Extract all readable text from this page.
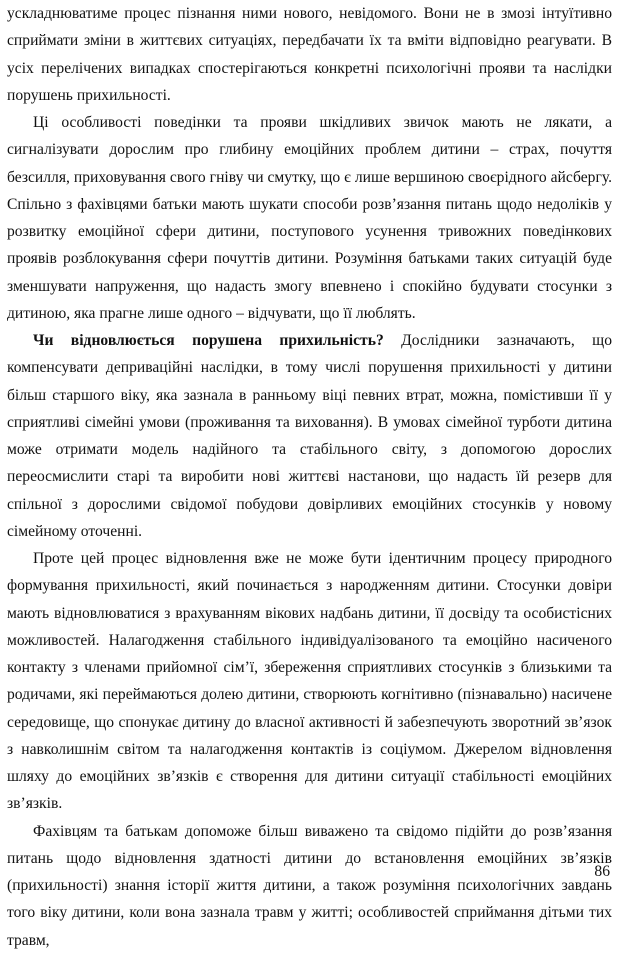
ускладнюватиме процес пізнання ними нового, невідомого. Вони не в змозі інтуїтивно сприймати зміни в життєвих ситуаціях, передбачати їх та вміти відповідно реагувати. В усіх перелічених випадках спостерігаються конкретні психологічні прояви та наслідки порушень прихильності.

Ці особливості поведінки та прояви шкідливих звичок мають не лякати, а сигналізувати дорослим про глибину емоційних проблем дитини – страх, почуття безсилля, приховування свого гніву чи смутку, що є лише вершиною своєрідного айсбергу. Спільно з фахівцями батьки мають шукати способи розв’язання питань щодо недоліків у розвитку емоційної сфери дитини, поступового усунення тривожних поведінкових проявів розблокування сфери почуттів дитини. Розуміння батьками таких ситуацій буде зменшувати напруження, що надасть змогу впевнено і спокійно будувати стосунки з дитиною, яка прагне лише одного – відчувати, що її люблять.

Чи відновлюється порушена прихильність? Дослідники зазначають, що компенсувати деприваційні наслідки, в тому числі порушення прихильності у дитини більш старшого віку, яка зазнала в ранньому віці певних втрат, можна, помістивши її у сприятливі сімейні умови (проживання та виховання). В умовах сімейної турботи дитина може отримати модель надійного та стабільного світу, з допомогою дорослих переосмислити старі та виробити нові життєві настанови, що надасть їй резерв для спільної з дорослими свідомої побудови довірливих емоційних стосунків у новому сімейному оточенні.

Проте цей процес відновлення вже не може бути ідентичним процесу природного формування прихильності, який починається з народженням дитини. Стосунки довіри мають відновлюватися з врахуванням вікових надбань дитини, її досвіду та особистісних можливостей. Налагодження стабільного індивідуалізованого та емоційно насиченого контакту з членами прийомної сім’ї, збереження сприятливих стосунків з близькими та родичами, які переймаються долею дитини, створюють когнітивно (пізнавально) насичене середовище, що спонукає дитину до власної активності й забезпечують зворотний зв’язок з навколишнім світом та налагодження контактів із соціумом. Джерелом відновлення шляху до емоційних зв’язків є створення для дитини ситуації стабільності емоційних зв’язків.

Фахівцям та батькам допоможе більш виважено та свідомо підійти до розв’язання питань щодо відновлення здатності дитини до встановлення емоційних зв’язків (прихильності) знання історії життя дитини, а також розуміння психологічних завдань того віку дитини, коли вона зазнала травм у житті; особливостей сприймання дітьми тих травм,

86
